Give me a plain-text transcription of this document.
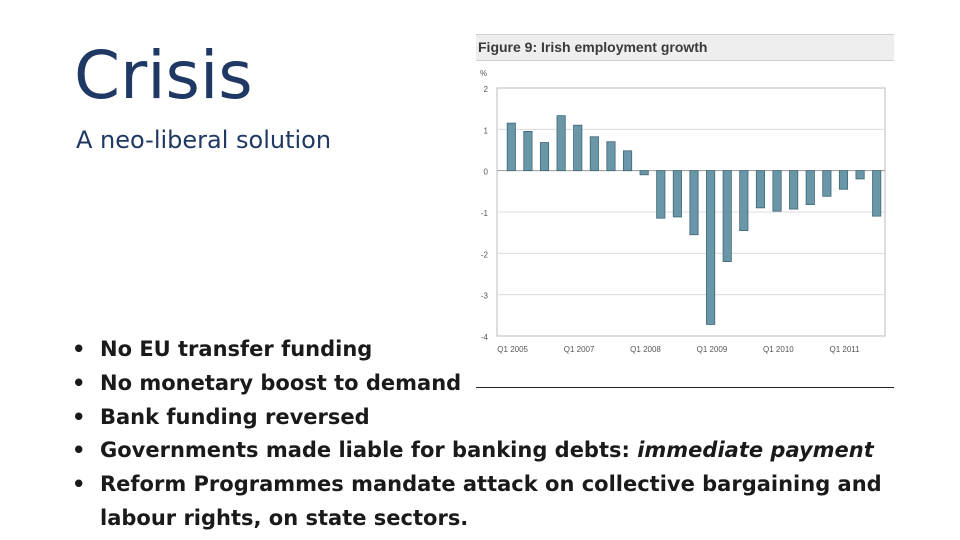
Crisis
A neo-liberal solution
Figure 9: Irish employment growth
2
1
0
-1
-2
-3
-4
%
Q1 2005	Q1 2007	Q1 2008	Q1 2009	Q1 2010	Q1 2011
• No EU transfer funding
• No monetary boost to demand
• Bank funding reversed
• Governments made liable for banking debts: immediate payment
• Reform Programmes mandate attack on collective bargaining and labour rights, on state sectors.
